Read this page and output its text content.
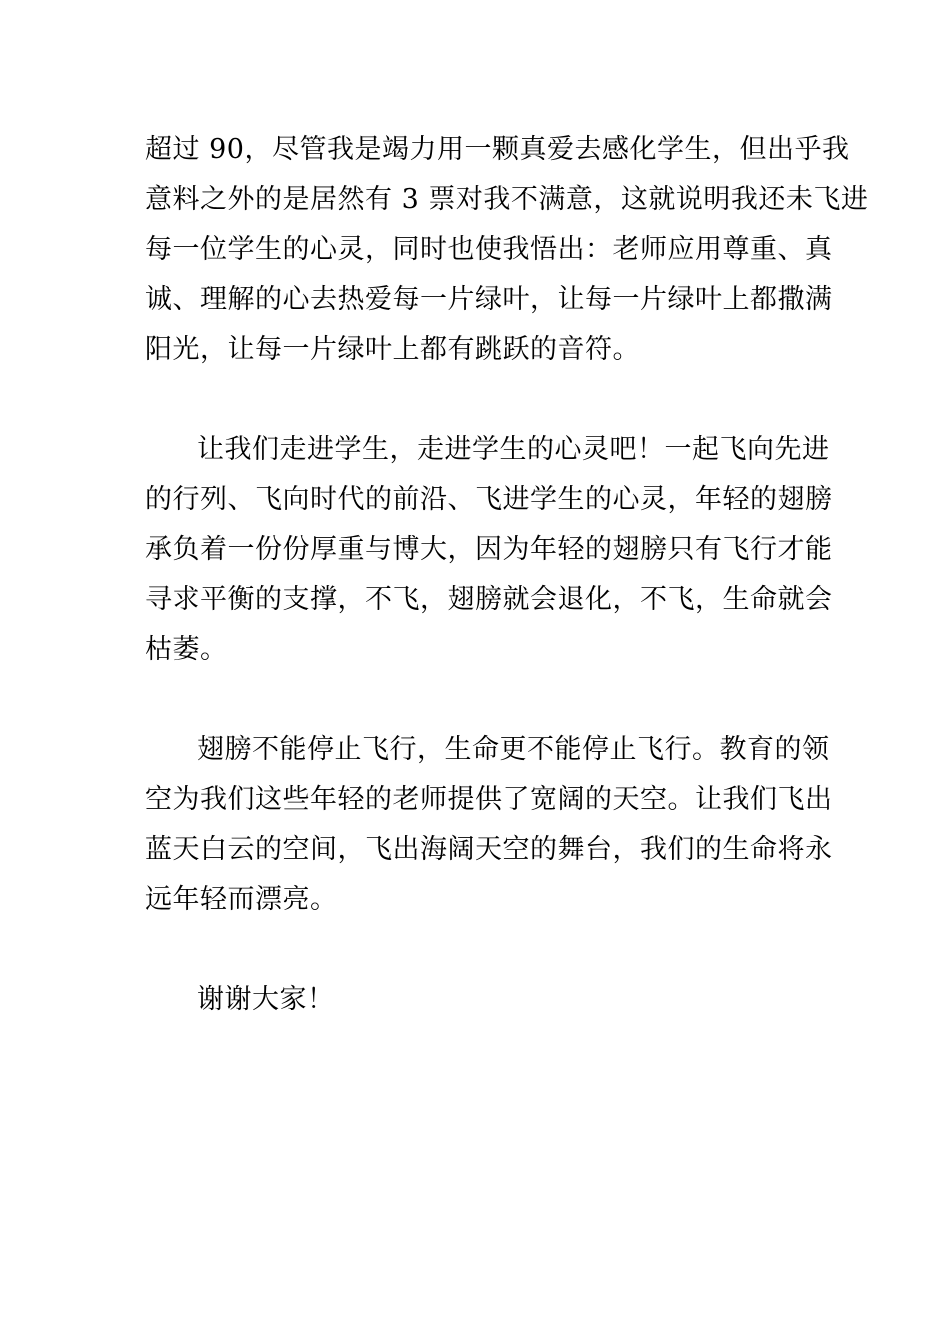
超过 90，尽管我是竭力用一颗真爱去感化学生，但出乎我
意料之外的是居然有 3 票对我不满意，这就说明我还未飞进
每一位学生的心灵，同时也使我悟出：老师应用尊重、真
诚、理解的心去热爱每一片绿叶，让每一片绿叶上都撒满
阳光，让每一片绿叶上都有跳跃的音符。
让我们走进学生，走进学生的心灵吧！一起飞向先进
的行列、飞向时代的前沿、飞进学生的心灵，年轻的翅膀
承负着一份份厚重与博大，因为年轻的翅膀只有飞行才能
寻求平衡的支撑，不飞，翅膀就会退化，不飞，生命就会
枯萎。
翅膀不能停止飞行，生命更不能停止飞行。教育的领
空为我们这些年轻的老师提供了宽阔的天空。让我们飞出
蓝天白云的空间，飞出海阔天空的舞台，我们的生命将永
远年轻而漂亮。
谢谢大家！
